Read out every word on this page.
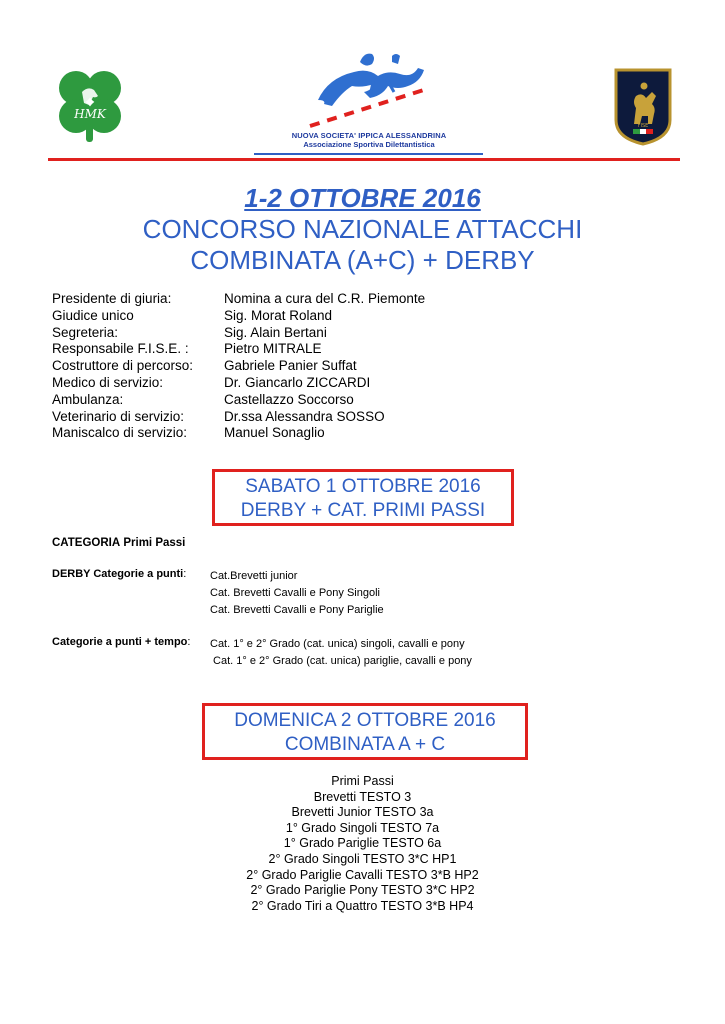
HMK
NUOVA SOCIETA' IPPICA ALESSANDRINA
Associazione Sportiva Dilettantistica
FISE
1-2 OTTOBRE 2016
CONCORSO NAZIONALE ATTACCHI
COMBINATA (A+C) + DERBY
Presidente di giuria:	Nomina a cura del C.R. Piemonte
Giudice unico	Sig. Morat Roland
Segreteria:	Sig. Alain Bertani
Responsabile F.I.S.E. :	Pietro MITRALE
Costruttore di percorso:	Gabriele Panier Suffat
Medico di servizio:	Dr. Giancarlo ZICCARDI
Ambulanza:	Castellazzo Soccorso
Veterinario di servizio:	Dr.ssa Alessandra SOSSO
Maniscalco di servizio:	Manuel Sonaglio
SABATO 1 OTTOBRE 2016
DERBY + CAT. PRIMI PASSI
CATEGORIA Primi Passi
DERBY Categorie a punti: Cat.Brevetti junior
Cat. Brevetti Cavalli e Pony Singoli
Cat. Brevetti Cavalli e Pony Pariglie
Categorie a punti + tempo: Cat. 1° e 2° Grado (cat. unica) singoli, cavalli e pony
Cat. 1° e 2° Grado (cat. unica) pariglie, cavalli e pony
DOMENICA 2 OTTOBRE 2016
COMBINATA A + C
Primi Passi
Brevetti TESTO 3
Brevetti Junior TESTO 3a
1° Grado Singoli TESTO 7a
1° Grado Pariglie TESTO 6a
2° Grado Singoli TESTO 3*C HP1
2° Grado Pariglie Cavalli TESTO 3*B HP2
2° Grado Pariglie Pony TESTO 3*C HP2
2° Grado Tiri a Quattro TESTO 3*B HP4
